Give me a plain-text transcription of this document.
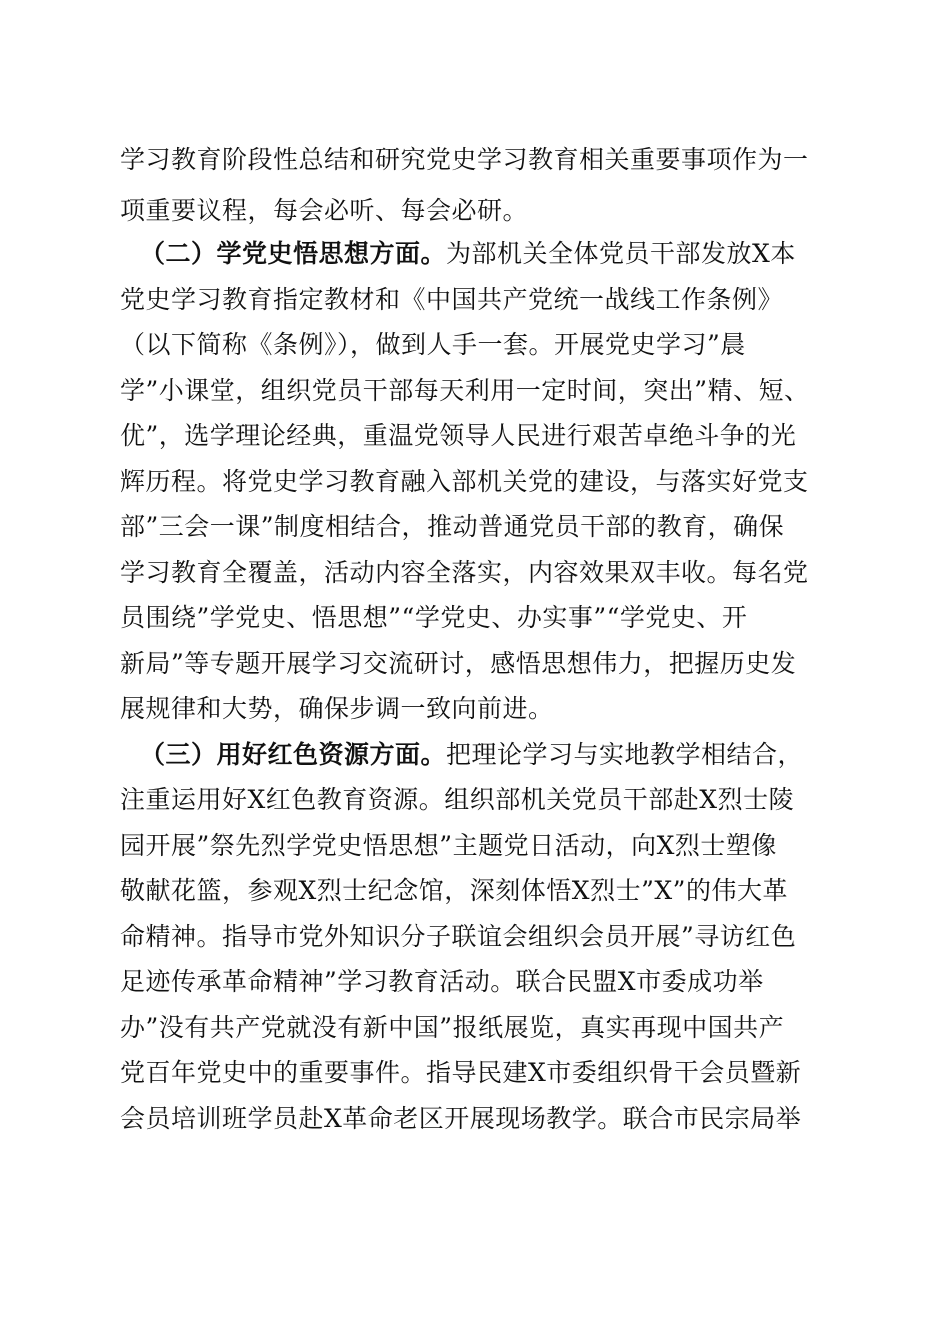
学习教育阶段性总结和研究党史学习教育相关重要事项作为一
项重要议程，每会必听、每会必研。
（二）学党史悟思想方面。为部机关全体党员干部发放X本
党史学习教育指定教材和《中国共产党统一战线工作条例》
（以下简称《条例》），做到人手一套。开展党史学习”晨
学”小课堂，组织党员干部每天利用一定时间，突出”精、短、
优”，选学理论经典，重温党领导人民进行艰苦卓绝斗争的光
辉历程。将党史学习教育融入部机关党的建设，与落实好党支
部”三会一课”制度相结合，推动普通党员干部的教育，确保
学习教育全覆盖，活动内容全落实，内容效果双丰收。每名党
员围绕”学党史、悟思想”“学党史、办实事”“学党史、开
新局”等专题开展学习交流研讨，感悟思想伟力，把握历史发
展规律和大势，确保步调一致向前进。
（三）用好红色资源方面。把理论学习与实地教学相结合，
注重运用好X红色教育资源。组织部机关党员干部赴X烈士陵
园开展”祭先烈学党史悟思想”主题党日活动，向X烈士塑像
敬献花篮，参观X烈士纪念馆，深刻体悟X烈士”X”的伟大革
命精神。指导市党外知识分子联谊会组织会员开展”寻访红色
足迹传承革命精神”学习教育活动。联合民盟X市委成功举
办”没有共产党就没有新中国”报纸展览，真实再现中国共产
党百年党史中的重要事件。指导民建X市委组织骨干会员暨新
会员培训班学员赴X革命老区开展现场教学。联合市民宗局举
